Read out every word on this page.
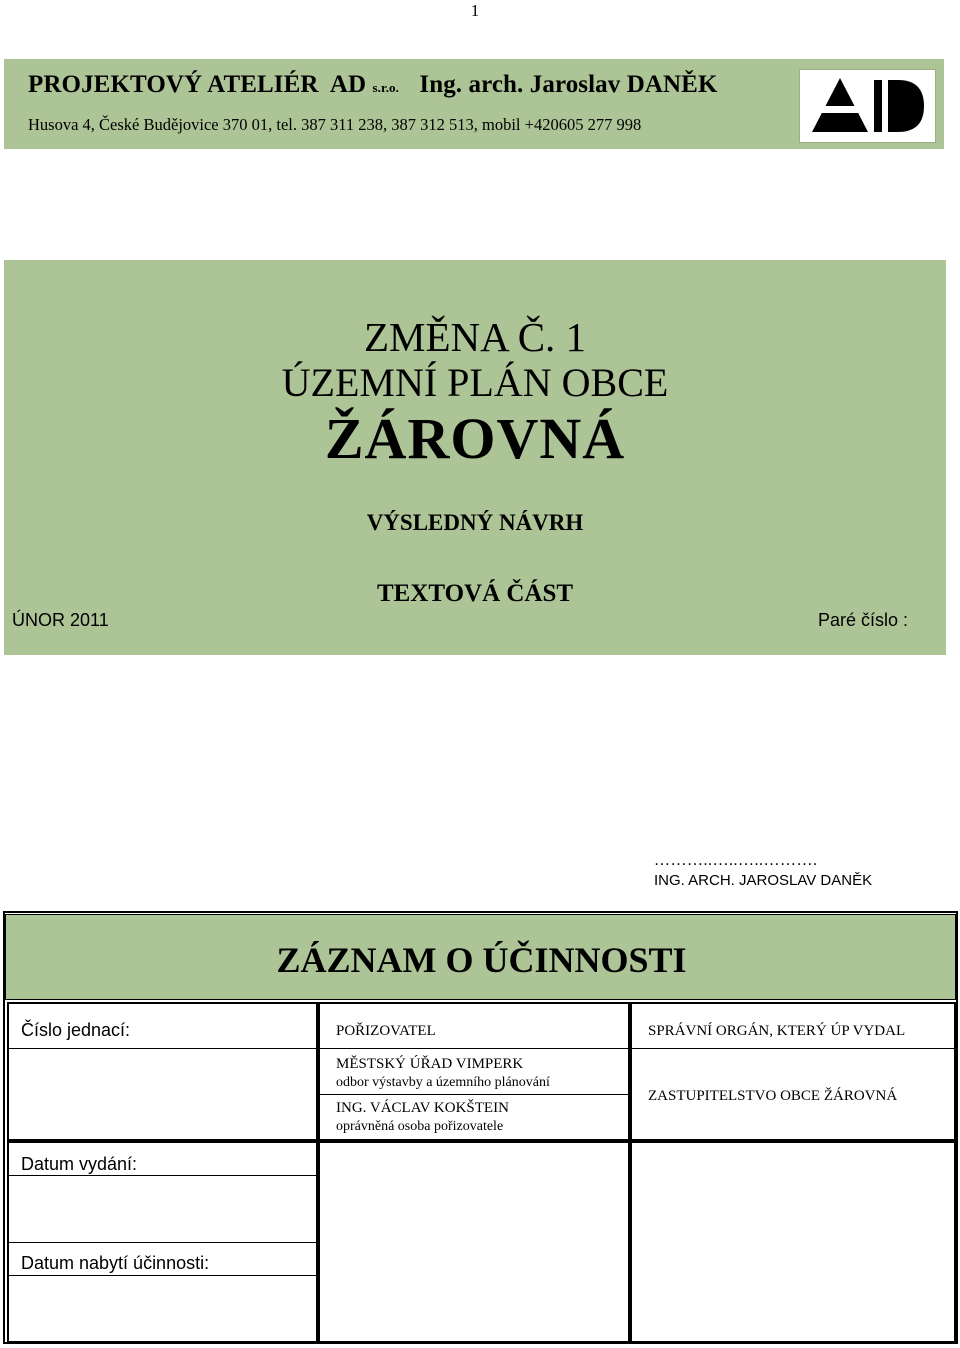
1
PROJEKTOVÝ ATELIÉR  AD s.r.o. Ing. arch. Jaroslav DANĚK
Husova 4, České Budějovice 370 01, tel. 387 311 238, 387 312 513, mobil +420605 277 998
ZMĚNA Č. 1
ÚZEMNÍ PLÁN OBCE
ŽÁROVNÁ
VÝSLEDNÝ NÁVRH
TEXTOVÁ ČÁST
ÚNOR 2011	Paré číslo :
………..…..…..……….
ING. ARCH. JAROSLAV DANĚK
ZÁZNAM O ÚČINNOSTI
Číslo jednací:
Datum vydání:
Datum nabytí účinnosti:
POŘIZOVATEL
MĚSTSKÝ ÚŘAD VIMPERK
odbor výstavby a územního plánování
ING. VÁCLAV KOKŠTEIN
oprávněná osoba pořizovatele
SPRÁVNÍ ORGÁN, KTERÝ ÚP VYDAL
ZASTUPITELSTVO OBCE ŽÁROVNÁ
